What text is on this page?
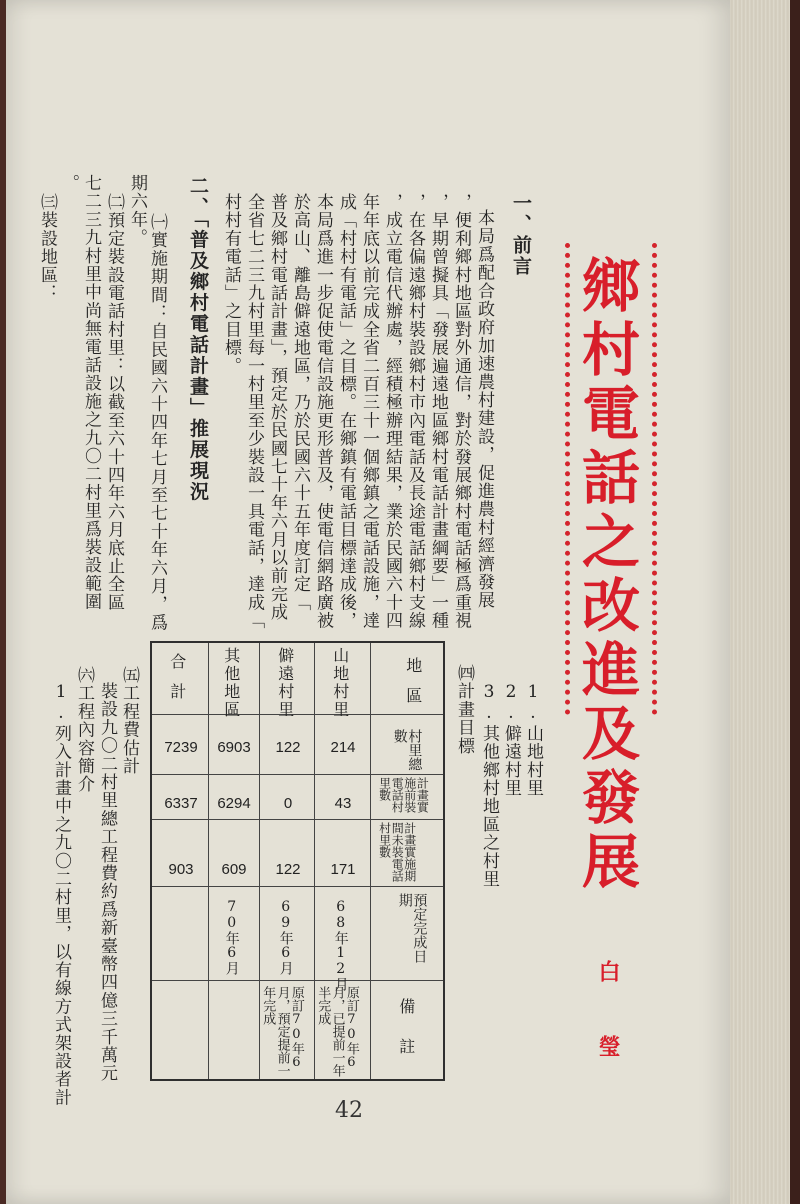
鄉村電話之改進及發展
白 瑩
一、前言
本局爲配合政府加速農村建設，促進農村經濟發展
，便利鄉村地區對外通信，對於發展鄉村電話極爲重視
，早期曾擬具「發展遍遠地區鄉村電話計畫綱要」一種
，在各偏遠鄉村裝設鄉村市內電話及長途電話鄉村支線
，成立電信代辦處，經積極辦理結果，業於民國六十四
年年底以前完成全省二百三十一個鄉鎮之電話設施，達
成「村村有電話」之目標。在鄉鎮有電話目標達成後，
本局爲進一步促使電信設施更形普及，使電信網路廣被
於高山、離島僻遠地區，乃於民國六十五年度訂定「
普及鄉村電話計畫」，預定於民國七十年六月以前完成
全省七二三九村里每一村里至少裝設一具電話，達成「
村村有電話」之目標。
二、「普及鄉村電話計畫」推展現況
㈠實施期間：自民國六十四年七月至七十年六月，爲
期六年。
㈡預定裝設電話村里：以截至六十四年六月底止全區
七二三九村里中尚無電話設施之九〇二村里爲裝設範圍
。
㈢裝設地區：
1.山地村里
2.僻遠村里
3.其他鄉村地區之村里
㈣計畫目標
㈤工程費估計
裝設九〇二村里總工程費約爲新臺幣四億三千萬元
㈥工程內容簡介
1.列入計畫中之九〇二村里，以有線方式架設者計	地區
村里總數
計畫實施前裝電話村里數
計畫實施期間未裝電話村里數
預定完成日期
備註
山地村里
214
43
171
68年12月
原訂70年6月，已提前一年半完成
僻遠村里
122
0
122
69年6月
原訂70年6月，預定提前一年完成
其他地區
6903
6294
609
70年6月
合計
7239
6337
903
42
